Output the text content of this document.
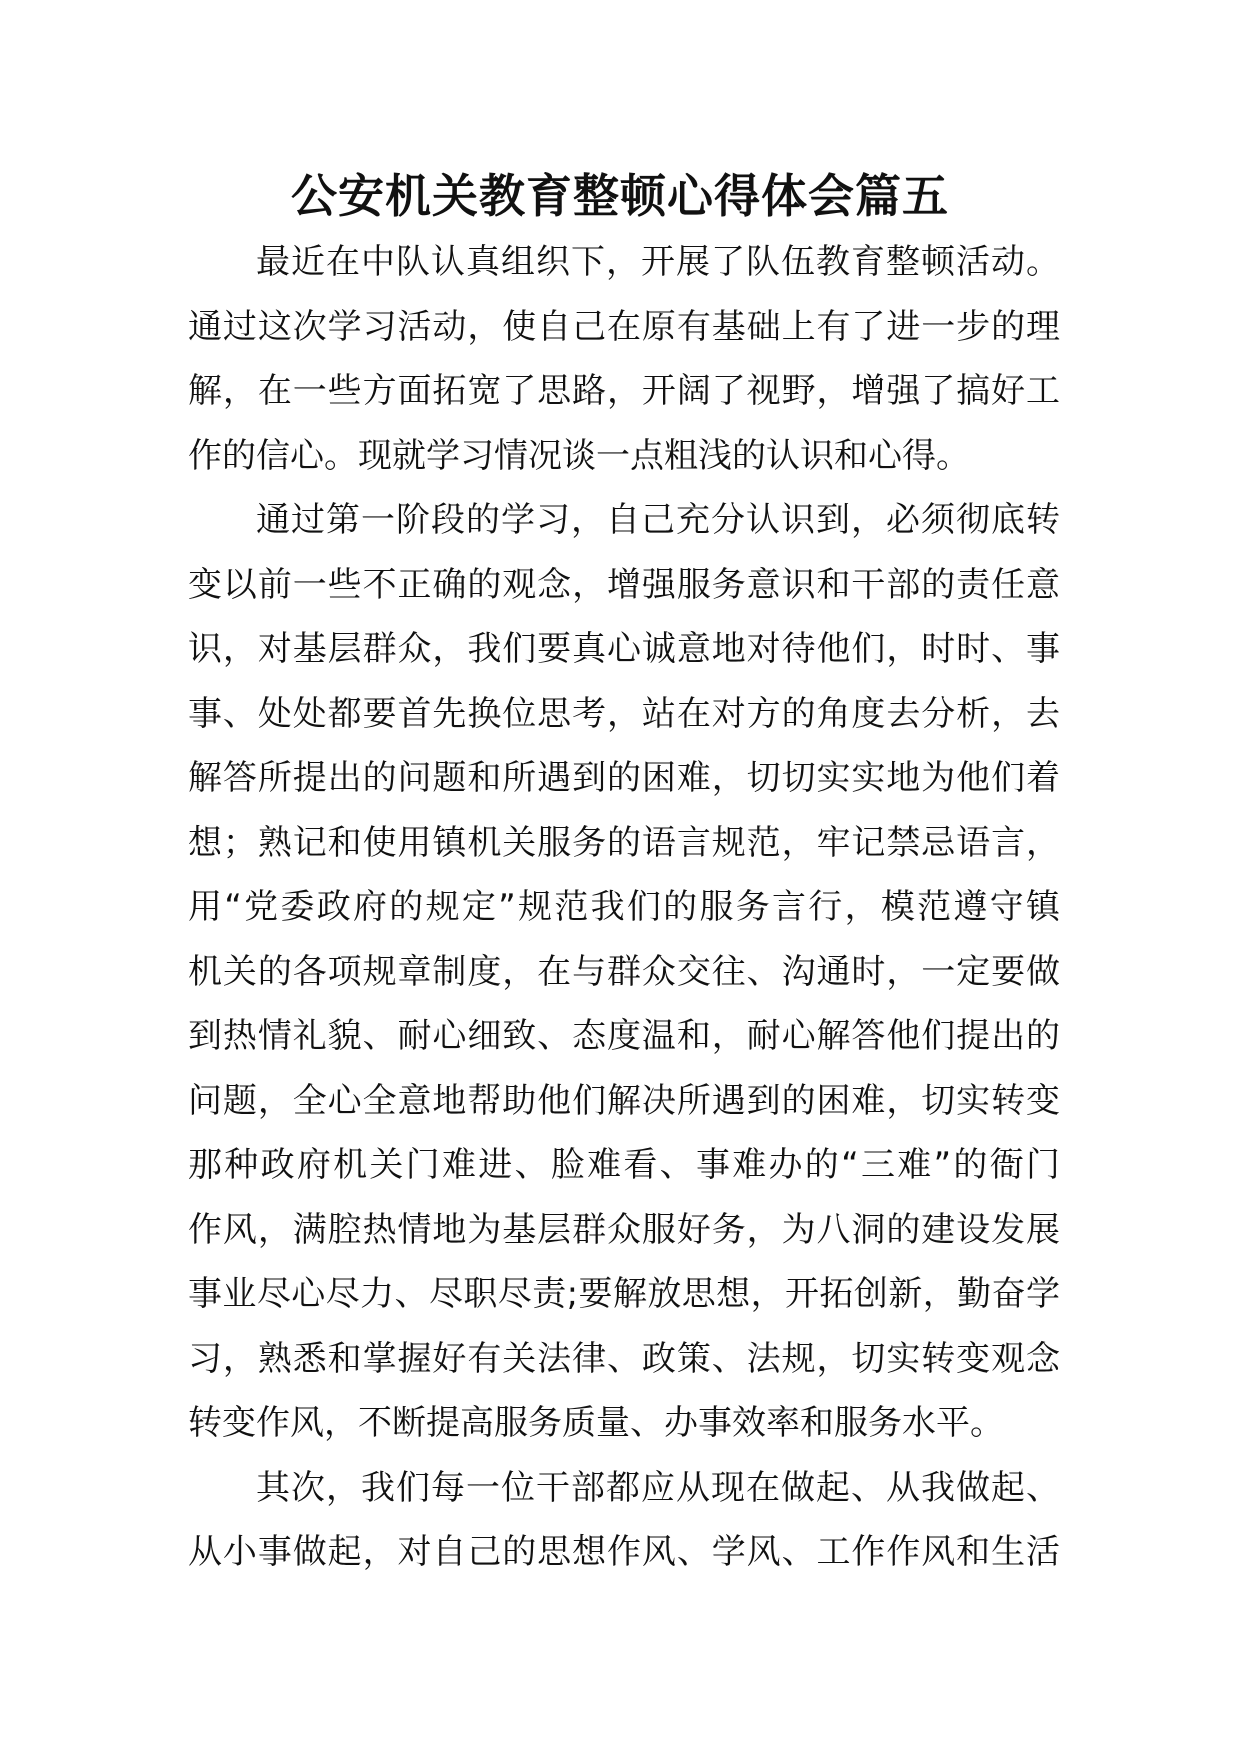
公安机关教育整顿心得体会篇五
最近在中队认真组织下，开展了队伍教育整顿活动。
通过这次学习活动，使自己在原有基础上有了进一步的理
解，在一些方面拓宽了思路，开阔了视野，增强了搞好工
作的信心。现就学习情况谈一点粗浅的认识和心得。
通过第一阶段的学习，自己充分认识到，必须彻底转
变以前一些不正确的观念，增强服务意识和干部的责任意
识，对基层群众，我们要真心诚意地对待他们，时时、事
事、处处都要首先换位思考，站在对方的角度去分析，去
解答所提出的问题和所遇到的困难，切切实实地为他们着
想；熟记和使用镇机关服务的语言规范，牢记禁忌语言，
用“党委政府的规定”规范我们的服务言行，模范遵守镇
机关的各项规章制度，在与群众交往、沟通时，一定要做
到热情礼貌、耐心细致、态度温和，耐心解答他们提出的
问题，全心全意地帮助他们解决所遇到的困难，切实转变
那种政府机关门难进、脸难看、事难办的“三难”的衙门
作风，满腔热情地为基层群众服好务，为八洞的建设发展
事业尽心尽力、尽职尽责;要解放思想，开拓创新，勤奋学
习，熟悉和掌握好有关法律、政策、法规，切实转变观念
转变作风，不断提高服务质量、办事效率和服务水平。
其次，我们每一位干部都应从现在做起、从我做起、
从小事做起，对自己的思想作风、学风、工作作风和生活
